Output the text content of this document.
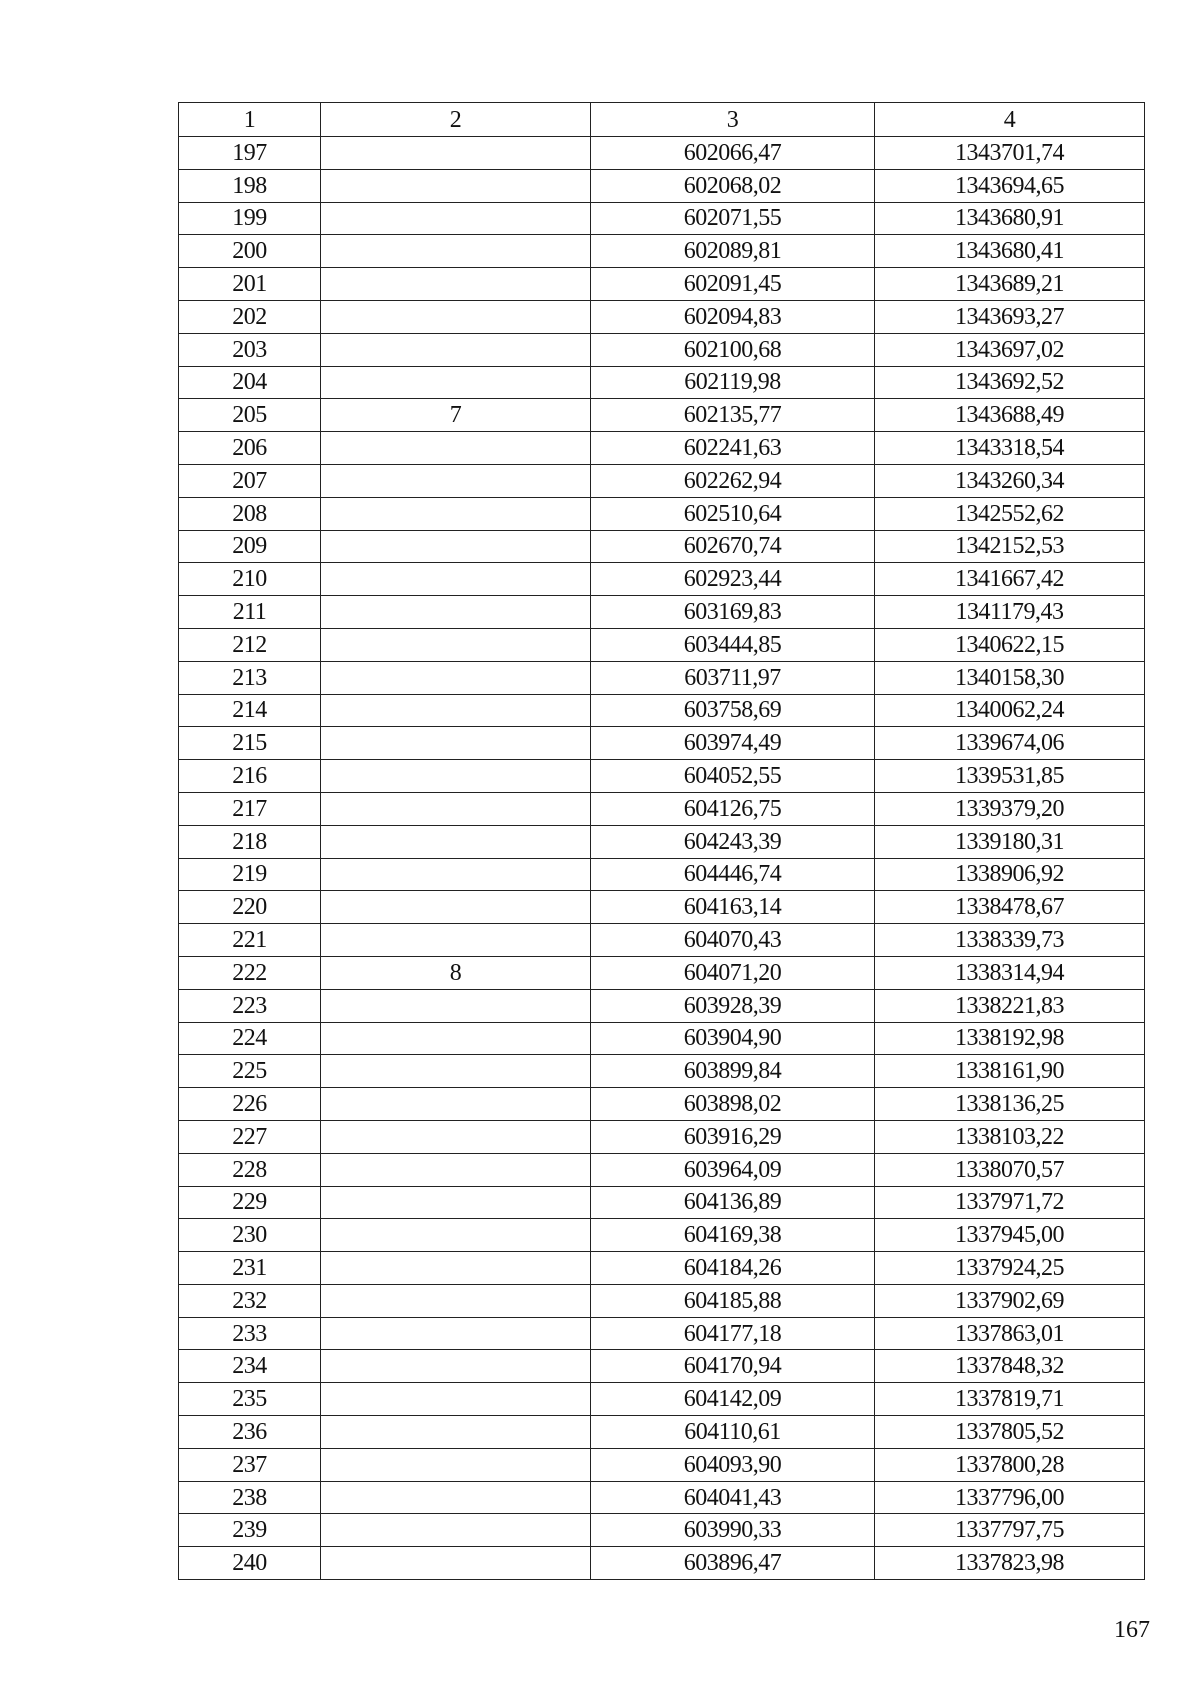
1	2	3	4
197		602066,47	1343701,74
198		602068,02	1343694,65
199		602071,55	1343680,91
200		602089,81	1343680,41
201		602091,45	1343689,21
202		602094,83	1343693,27
203		602100,68	1343697,02
204		602119,98	1343692,52
205	7	602135,77	1343688,49
206		602241,63	1343318,54
207		602262,94	1343260,34
208		602510,64	1342552,62
209		602670,74	1342152,53
210		602923,44	1341667,42
211		603169,83	1341179,43
212		603444,85	1340622,15
213		603711,97	1340158,30
214		603758,69	1340062,24
215		603974,49	1339674,06
216		604052,55	1339531,85
217		604126,75	1339379,20
218		604243,39	1339180,31
219		604446,74	1338906,92
220		604163,14	1338478,67
221		604070,43	1338339,73
222	8	604071,20	1338314,94
223		603928,39	1338221,83
224		603904,90	1338192,98
225		603899,84	1338161,90
226		603898,02	1338136,25
227		603916,29	1338103,22
228		603964,09	1338070,57
229		604136,89	1337971,72
230		604169,38	1337945,00
231		604184,26	1337924,25
232		604185,88	1337902,69
233		604177,18	1337863,01
234		604170,94	1337848,32
235		604142,09	1337819,71
236		604110,61	1337805,52
237		604093,90	1337800,28
238		604041,43	1337796,00
239		603990,33	1337797,75
240		603896,47	1337823,98
167
